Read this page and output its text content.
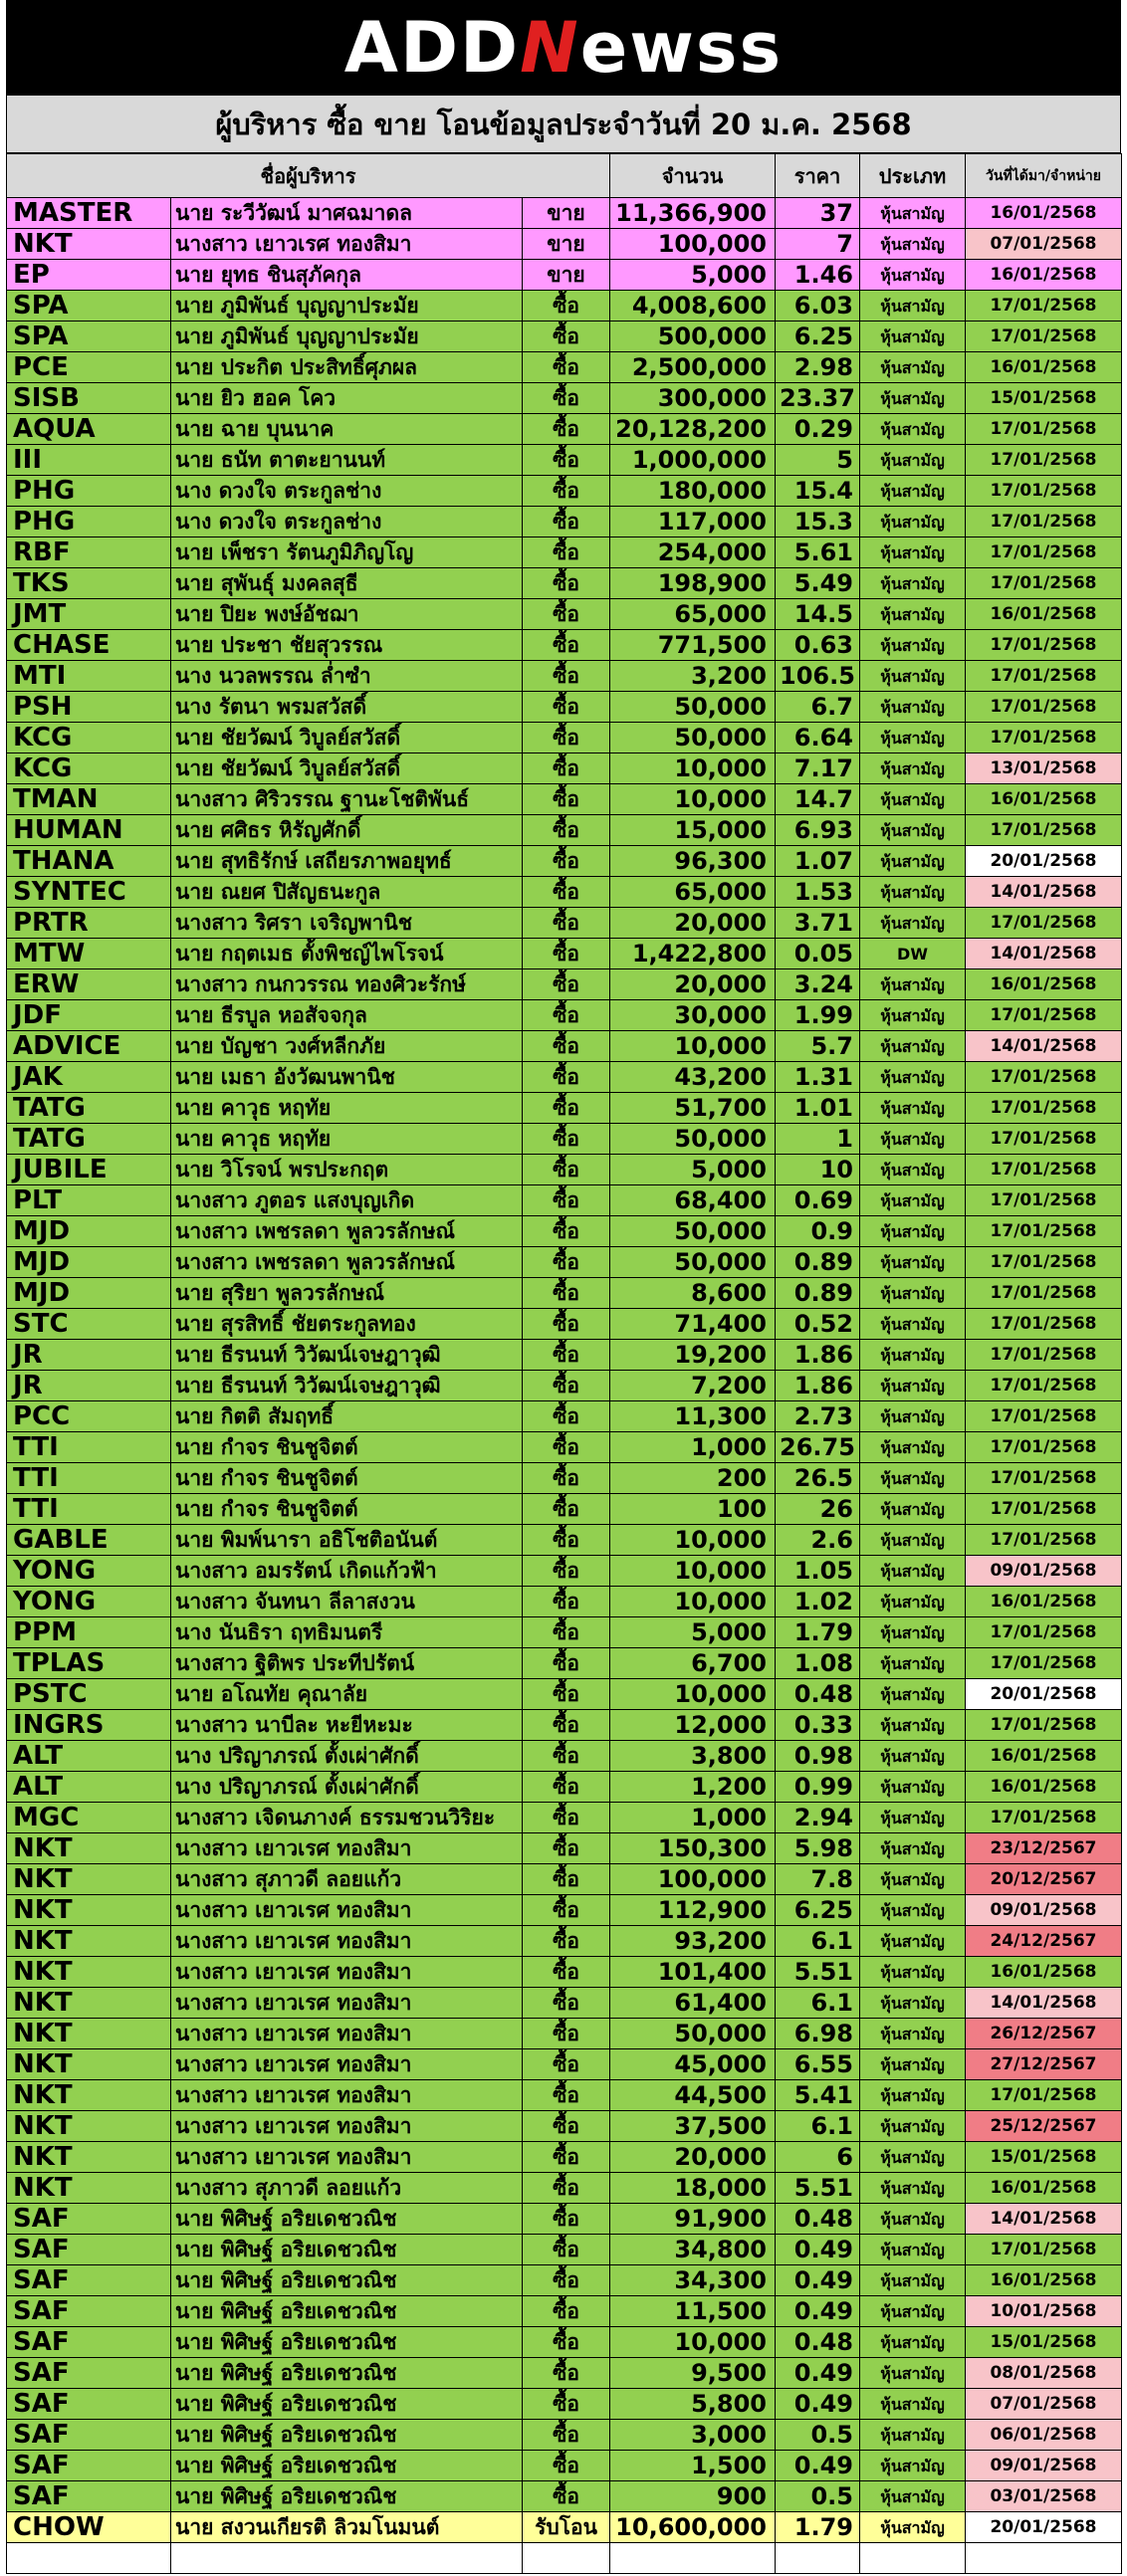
ADDNewss
ผู้บริหาร ซื้อ ขาย โอนข้อมูลประจำวันที่ 20 ม.ค. 2568
ชื่อผู้บริหาร			จำนวน	ราคา	ประเภท	วันที่ได้มา/จำหน่าย
MASTER	นาย ระวีวัฒน์ มาศฉมาดล	ขาย	11,366,900	37	หุ้นสามัญ	16/01/2568
NKT	นางสาว เยาวเรศ ทองสิมา	ขาย	100,000	7	หุ้นสามัญ	07/01/2568
EP	นาย ยุทธ ชินสุภัคกุล	ขาย	5,000	1.46	หุ้นสามัญ	16/01/2568
SPA	นาย ภูมิพันธ์ บุญญาประมัย	ซื้อ	4,008,600	6.03	หุ้นสามัญ	17/01/2568
SPA	นาย ภูมิพันธ์ บุญญาประมัย	ซื้อ	500,000	6.25	หุ้นสามัญ	17/01/2568
PCE	นาย ประกิต ประสิทธิ์ศุภผล	ซื้อ	2,500,000	2.98	หุ้นสามัญ	16/01/2568
SISB	นาย ยิว ฮอค โคว	ซื้อ	300,000	23.37	หุ้นสามัญ	15/01/2568
AQUA	นาย ฉาย บุนนาค	ซื้อ	20,128,200	0.29	หุ้นสามัญ	17/01/2568
III	นาย ธนัท ตาตะยานนท์	ซื้อ	1,000,000	5	หุ้นสามัญ	17/01/2568
PHG	นาง ดวงใจ ตระกูลช่าง	ซื้อ	180,000	15.4	หุ้นสามัญ	17/01/2568
PHG	นาง ดวงใจ ตระกูลช่าง	ซื้อ	117,000	15.3	หุ้นสามัญ	17/01/2568
RBF	นาย เพ็ชรา รัตนภูมิภิญโญ	ซื้อ	254,000	5.61	หุ้นสามัญ	17/01/2568
TKS	นาย สุพันธุ์ มงคลสุธี	ซื้อ	198,900	5.49	หุ้นสามัญ	17/01/2568
JMT	นาย ปิยะ พงษ์อัชฌา	ซื้อ	65,000	14.5	หุ้นสามัญ	16/01/2568
CHASE	นาย ประชา ชัยสุวรรณ	ซื้อ	771,500	0.63	หุ้นสามัญ	17/01/2568
MTI	นาง นวลพรรณ ล่ำซำ	ซื้อ	3,200	106.5	หุ้นสามัญ	17/01/2568
PSH	นาง รัตนา พรมสวัสดิ์	ซื้อ	50,000	6.7	หุ้นสามัญ	17/01/2568
KCG	นาย ชัยวัฒน์ วิบูลย์สวัสดิ์	ซื้อ	50,000	6.64	หุ้นสามัญ	17/01/2568
KCG	นาย ชัยวัฒน์ วิบูลย์สวัสดิ์	ซื้อ	10,000	7.17	หุ้นสามัญ	13/01/2568
TMAN	นางสาว ศิริวรรณ ฐานะโชติพันธ์	ซื้อ	10,000	14.7	หุ้นสามัญ	16/01/2568
HUMAN	นาย ศศิธร หิรัญศักดิ์	ซื้อ	15,000	6.93	หุ้นสามัญ	17/01/2568
THANA	นาย สุทธิรักษ์ เสถียรภาพอยุทธ์	ซื้อ	96,300	1.07	หุ้นสามัญ	20/01/2568
SYNTEC	นาย ณยศ ปิสัญธนะกูล	ซื้อ	65,000	1.53	หุ้นสามัญ	14/01/2568
PRTR	นางสาว ริศรา เจริญพานิช	ซื้อ	20,000	3.71	หุ้นสามัญ	17/01/2568
MTW	นาย กฤตเมธ ตั้งพิชญ์ไพโรจน์	ซื้อ	1,422,800	0.05	DW	14/01/2568
ERW	นางสาว กนกวรรณ ทองศิวะรักษ์	ซื้อ	20,000	3.24	หุ้นสามัญ	16/01/2568
JDF	นาย ธีรบูล หอสัจจกุล	ซื้อ	30,000	1.99	หุ้นสามัญ	17/01/2568
ADVICE	นาย บัญชา วงศ์หลีกภัย	ซื้อ	10,000	5.7	หุ้นสามัญ	14/01/2568
JAK	นาย เมธา อังวัฒนพานิช	ซื้อ	43,200	1.31	หุ้นสามัญ	17/01/2568
TATG	นาย คาวุธ หฤทัย	ซื้อ	51,700	1.01	หุ้นสามัญ	17/01/2568
TATG	นาย คาวุธ หฤทัย	ซื้อ	50,000	1	หุ้นสามัญ	17/01/2568
JUBILE	นาย วิโรจน์ พรประกฤต	ซื้อ	5,000	10	หุ้นสามัญ	17/01/2568
PLT	นางสาว ภูตอร แสงบุญเกิด	ซื้อ	68,400	0.69	หุ้นสามัญ	17/01/2568
MJD	นางสาว เพชรลดา พูลวรลักษณ์	ซื้อ	50,000	0.9	หุ้นสามัญ	17/01/2568
MJD	นางสาว เพชรลดา พูลวรลักษณ์	ซื้อ	50,000	0.89	หุ้นสามัญ	17/01/2568
MJD	นาย สุริยา พูลวรลักษณ์	ซื้อ	8,600	0.89	หุ้นสามัญ	17/01/2568
STC	นาย สุรสิทธิ์ ชัยตระกูลทอง	ซื้อ	71,400	0.52	หุ้นสามัญ	17/01/2568
JR	นาย ธีรนนท์ วิวัฒน์เจษฎาวุฒิ	ซื้อ	19,200	1.86	หุ้นสามัญ	17/01/2568
JR	นาย ธีรนนท์ วิวัฒน์เจษฎาวุฒิ	ซื้อ	7,200	1.86	หุ้นสามัญ	17/01/2568
PCC	นาย กิตติ สัมฤทธิ์	ซื้อ	11,300	2.73	หุ้นสามัญ	17/01/2568
TTI	นาย กำจร ชินชูจิตต์	ซื้อ	1,000	26.75	หุ้นสามัญ	17/01/2568
TTI	นาย กำจร ชินชูจิตต์	ซื้อ	200	26.5	หุ้นสามัญ	17/01/2568
TTI	นาย กำจร ชินชูจิตต์	ซื้อ	100	26	หุ้นสามัญ	17/01/2568
GABLE	นาย พิมพ์นารา อธิโชติอนันต์	ซื้อ	10,000	2.6	หุ้นสามัญ	17/01/2568
YONG	นางสาว อมรรัตน์ เกิดแก้วฟ้า	ซื้อ	10,000	1.05	หุ้นสามัญ	09/01/2568
YONG	นางสาว จันทนา ลีลาสงวน	ซื้อ	10,000	1.02	หุ้นสามัญ	16/01/2568
PPM	นาง นันธิรา ฤทธิมนตรี	ซื้อ	5,000	1.79	หุ้นสามัญ	17/01/2568
TPLAS	นางสาว ฐิติพร ประทีปรัตน์	ซื้อ	6,700	1.08	หุ้นสามัญ	17/01/2568
PSTC	นาย อโณทัย คุณาลัย	ซื้อ	10,000	0.48	หุ้นสามัญ	20/01/2568
INGRS	นางสาว นาบีละ หะยีหะมะ	ซื้อ	12,000	0.33	หุ้นสามัญ	17/01/2568
ALT	นาง ปริญาภรณ์ ตั้งเผ่าศักดิ์	ซื้อ	3,800	0.98	หุ้นสามัญ	16/01/2568
ALT	นาง ปริญาภรณ์ ตั้งเผ่าศักดิ์	ซื้อ	1,200	0.99	หุ้นสามัญ	16/01/2568
MGC	นางสาว เจิดนภางค์ ธรรมชวนวิริยะ	ซื้อ	1,000	2.94	หุ้นสามัญ	17/01/2568
NKT	นางสาว เยาวเรศ ทองสิมา	ซื้อ	150,300	5.98	หุ้นสามัญ	23/12/2567
NKT	นางสาว สุภาวดี ลอยแก้ว	ซื้อ	100,000	7.8	หุ้นสามัญ	20/12/2567
NKT	นางสาว เยาวเรศ ทองสิมา	ซื้อ	112,900	6.25	หุ้นสามัญ	09/01/2568
NKT	นางสาว เยาวเรศ ทองสิมา	ซื้อ	93,200	6.1	หุ้นสามัญ	24/12/2567
NKT	นางสาว เยาวเรศ ทองสิมา	ซื้อ	101,400	5.51	หุ้นสามัญ	16/01/2568
NKT	นางสาว เยาวเรศ ทองสิมา	ซื้อ	61,400	6.1	หุ้นสามัญ	14/01/2568
NKT	นางสาว เยาวเรศ ทองสิมา	ซื้อ	50,000	6.98	หุ้นสามัญ	26/12/2567
NKT	นางสาว เยาวเรศ ทองสิมา	ซื้อ	45,000	6.55	หุ้นสามัญ	27/12/2567
NKT	นางสาว เยาวเรศ ทองสิมา	ซื้อ	44,500	5.41	หุ้นสามัญ	17/01/2568
NKT	นางสาว เยาวเรศ ทองสิมา	ซื้อ	37,500	6.1	หุ้นสามัญ	25/12/2567
NKT	นางสาว เยาวเรศ ทองสิมา	ซื้อ	20,000	6	หุ้นสามัญ	15/01/2568
NKT	นางสาว สุภาวดี ลอยแก้ว	ซื้อ	18,000	5.51	หุ้นสามัญ	16/01/2568
SAF	นาย พิศิษฐ์ อริยเดชวณิช	ซื้อ	91,900	0.48	หุ้นสามัญ	14/01/2568
SAF	นาย พิศิษฐ์ อริยเดชวณิช	ซื้อ	34,800	0.49	หุ้นสามัญ	17/01/2568
SAF	นาย พิศิษฐ์ อริยเดชวณิช	ซื้อ	34,300	0.49	หุ้นสามัญ	16/01/2568
SAF	นาย พิศิษฐ์ อริยเดชวณิช	ซื้อ	11,500	0.49	หุ้นสามัญ	10/01/2568
SAF	นาย พิศิษฐ์ อริยเดชวณิช	ซื้อ	10,000	0.48	หุ้นสามัญ	15/01/2568
SAF	นาย พิศิษฐ์ อริยเดชวณิช	ซื้อ	9,500	0.49	หุ้นสามัญ	08/01/2568
SAF	นาย พิศิษฐ์ อริยเดชวณิช	ซื้อ	5,800	0.49	หุ้นสามัญ	07/01/2568
SAF	นาย พิศิษฐ์ อริยเดชวณิช	ซื้อ	3,000	0.5	หุ้นสามัญ	06/01/2568
SAF	นาย พิศิษฐ์ อริยเดชวณิช	ซื้อ	1,500	0.49	หุ้นสามัญ	09/01/2568
SAF	นาย พิศิษฐ์ อริยเดชวณิช	ซื้อ	900	0.5	หุ้นสามัญ	03/01/2568
CHOW	นาย สงวนเกียรติ ลิวมโนมนต์	รับโอน	10,600,000	1.79	หุ้นสามัญ	20/01/2568
